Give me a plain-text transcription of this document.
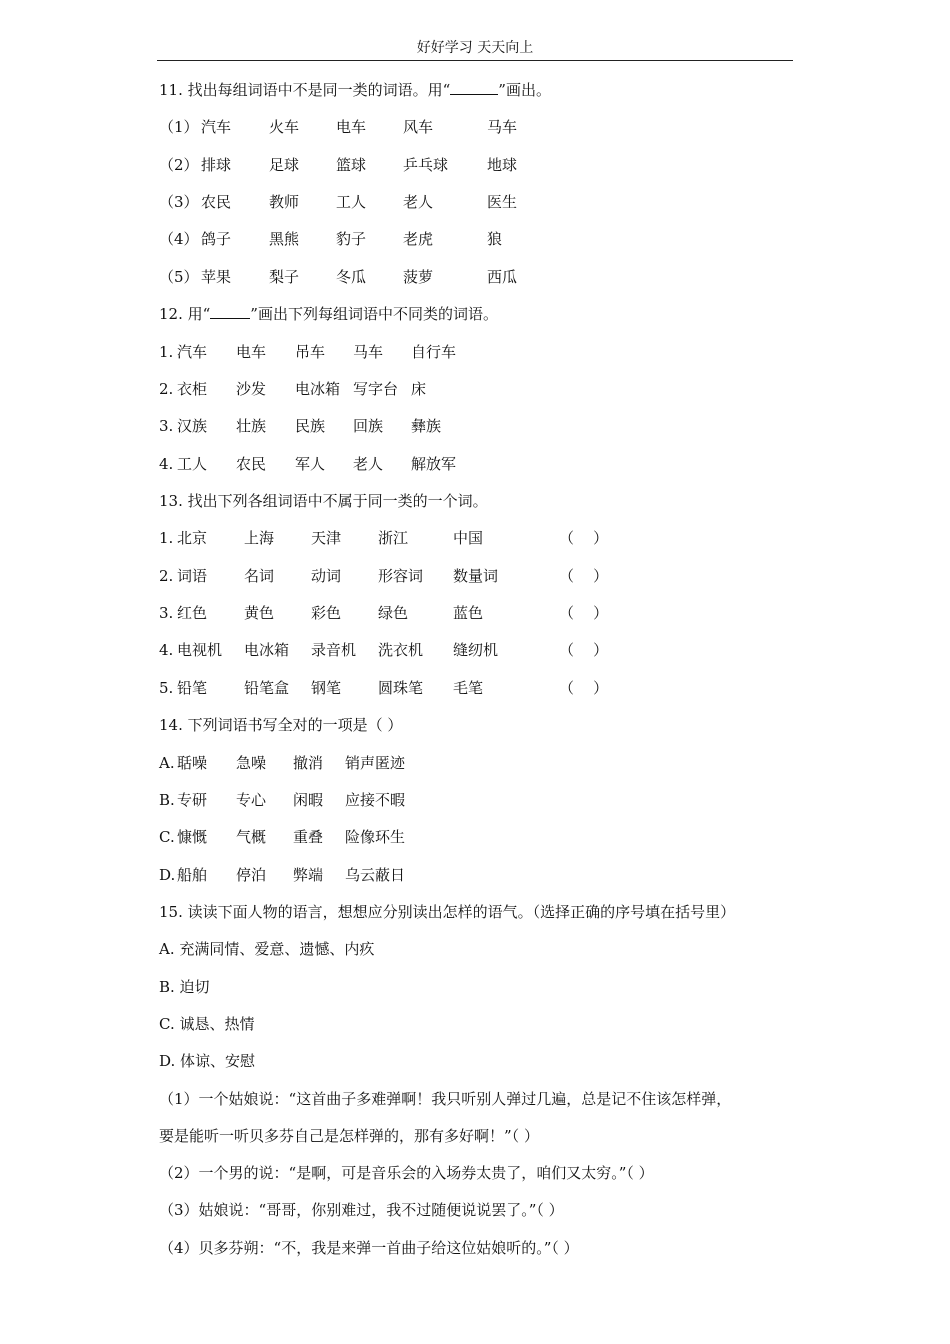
好好学习 天天向上
11. 找出每组词语中不是同一类的词语。用“	”画出。
（1） 汽车	火车 电车 风车	马车
（2） 排球	足球 篮球 乒乓球	地球
（3） 农民	教师 工人 老人	医生
（4） 鸽子	黑熊 豹子 老虎	狼
（5） 苹果	梨子 冬瓜 菠萝	西瓜
12. 用“	”画出下列每组词语中不同类的词语。
1. 汽车 电车 吊车 马车 自行车
2. 衣柜 沙发 电冰箱 写字台 床
3. 汉族 壮族 民族 回族 彝族
4. 工人 农民 军人 老人 解放军
13. 找出下列各组词语中不属于同一类的一个词。
1. 北京 上海 天津 浙江	中国	（    ）
2. 词语 名词 动词 形容词 数量词	（    ）
3. 红色 黄色 彩色 绿色	蓝色	（    ）
4. 电视机 电冰箱 录音机 洗衣机 缝纫机	（    ）
5. 铅笔 铅笔盒 钢笔 圆珠笔 毛笔	（    ）
14. 下列词语书写全对的一项是（ ）
A. 聒噪 急噪 撤消 销声匿迹
B. 专研 专心 闲暇 应接不暇
C. 慷慨 气概 重叠 险像环生
D. 船舶 停泊 弊端 乌云蔽日
15. 读读下面人物的语言，想想应分别读出怎样的语气。（选择正确的序号填在括号里）
A. 充满同情、爱意、遗憾、内疚
B. 迫切
C. 诚恳、热情
D. 体谅、安慰
（1）一个姑娘说：“这首曲子多难弹啊！我只听别人弹过几遍，总是记不住该怎样弹，
要是能听一听贝多芬自己是怎样弹的，那有多好啊！”（ ）
（2）一个男的说：“是啊，可是音乐会的入场券太贵了，咱们又太穷。”（ ）
（3）姑娘说：“哥哥，你别难过，我不过随便说说罢了。”（ ）
（4）贝多芬朔：“不，我是来弹一首曲子给这位姑娘听的。”（ ）
